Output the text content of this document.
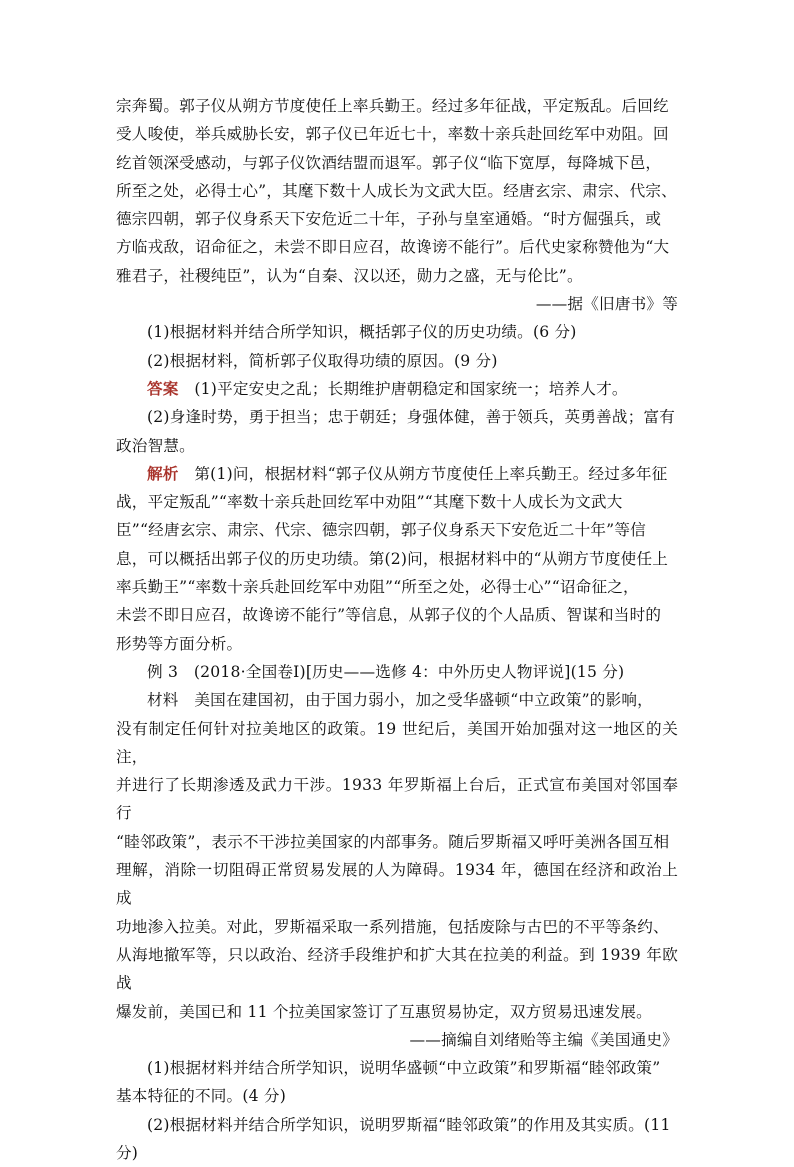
宗奔蜀。郭子仪从朔方节度使任上率兵勤王。经过多年征战，平定叛乱。后回纥

受人唆使，举兵威胁长安，郭子仪已年近七十，率数十亲兵赴回纥军中劝阻。回

纥首领深受感动，与郭子仪饮酒结盟而退军。郭子仪“临下宽厚，每降城下邑，

所至之处，必得士心”，其麾下数十人成长为文武大臣。经唐玄宗、肃宗、代宗、

德宗四朝，郭子仪身系天下安危近二十年，子孙与皇室通婚。“时方倔强兵，或

方临戎敌，诏命征之，未尝不即日应召，故谗谤不能行”。后代史家称赞他为“大

雅君子，社稷纯臣”，认为“自秦、汉以还，勋力之盛，无与伦比”。

——据《旧唐书》等

(1)根据材料并结合所学知识，概括郭子仪的历史功绩。(6 分)

(2)根据材料，简析郭子仪取得功绩的原因。(9 分)

答案　 (1)平定安史之乱；长期维护唐朝稳定和国家统一；培养人才。

(2)身逢时势，勇于担当；忠于朝廷；身强体健，善于领兵，英勇善战；富有

政治智慧。

解析　 第(1)问，根据材料“郭子仪从朔方节度使任上率兵勤王。经过多年征

战，平定叛乱”“率数十亲兵赴回纥军中劝阻”“其麾下数十人成长为文武大

臣”“经唐玄宗、肃宗、代宗、德宗四朝，郭子仪身系天下安危近二十年”等信

息，可以概括出郭子仪的历史功绩。第(2)问，根据材料中的“从朔方节度使任上

率兵勤王”“率数十亲兵赴回纥军中劝阻”“所至之处，必得士心”“诏命征之，

未尝不即日应召，故谗谤不能行”等信息，从郭子仪的个人品质、智谋和当时的

形势等方面分析。

例 3　(2018·全国卷Ⅰ)[历史——选修 4：中外历史人物评说](15 分)

材料　 美国在建国初，由于国力弱小，加之受华盛顿“中立政策”的影响，

没有制定任何针对拉美地区的政策。19 世纪后，美国开始加强对这一地区的关注，

并进行了长期渗透及武力干涉。1933 年罗斯福上台后，正式宣布美国对邻国奉行

“睦邻政策”，表示不干涉拉美国家的内部事务。随后罗斯福又呼吁美洲各国互相

理解，消除一切阻碍正常贸易发展的人为障碍。1934 年，德国在经济和政治上成

功地渗入拉美。对此，罗斯福采取一系列措施，包括废除与古巴的不平等条约、

从海地撤军等，只以政治、经济手段维护和扩大其在拉美的利益。到 1939 年欧战

爆发前，美国已和 11 个拉美国家签订了互惠贸易协定，双方贸易迅速发展。

——摘编自刘绪贻等主编《美国通史》

(1)根据材料并结合所学知识，说明华盛顿“中立政策”和罗斯福“睦邻政策”

基本特征的不同。(4 分)

(2)根据材料并结合所学知识，说明罗斯福“睦邻政策”的作用及其实质。(11

分)
